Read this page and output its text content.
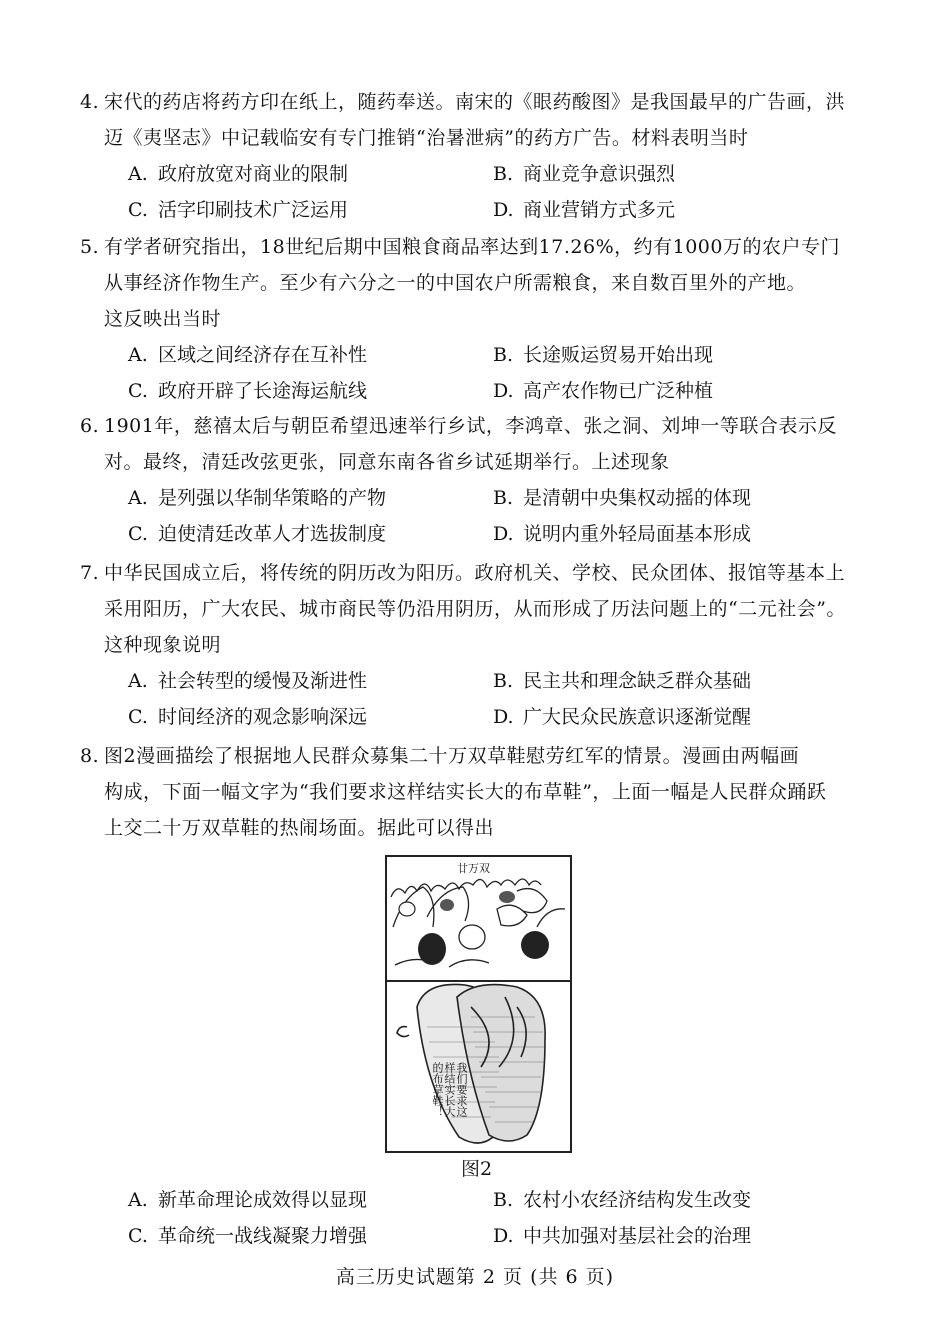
4. 宋代的药店将药方印在纸上，随药奉送。南宋的《眼药酸图》是我国最早的广告画，洪
迈《夷坚志》中记载临安有专门推销“治暑泄病”的药方广告。材料表明当时
A. 政府放宽对商业的限制	B. 商业竞争意识强烈
C. 活字印刷技术广泛运用	D. 商业营销方式多元
5. 有学者研究指出，18世纪后期中国粮食商品率达到17.26%，约有1000万的农户专门
从事经济作物生产。至少有六分之一的中国农户所需粮食，来自数百里外的产地。
这反映出当时
A. 区域之间经济存在互补性	B. 长途贩运贸易开始出现
C. 政府开辟了长途海运航线	D. 高产农作物已广泛种植
6. 1901年，慈禧太后与朝臣希望迅速举行乡试，李鸿章、张之洞、刘坤一等联合表示反
对。最终，清廷改弦更张，同意东南各省乡试延期举行。上述现象
A. 是列强以华制华策略的产物	B. 是清朝中央集权动摇的体现
C. 迫使清廷改革人才选拔制度	D. 说明内重外轻局面基本形成
7. 中华民国成立后，将传统的阴历改为阳历。政府机关、学校、民众团体、报馆等基本上
采用阳历，广大农民、城市商民等仍沿用阴历，从而形成了历法问题上的“二元社会”。
这种现象说明
A. 社会转型的缓慢及渐进性	B. 民主共和理念缺乏群众基础
C. 时间经济的观念影响深远	D. 广大民众民族意识逐渐觉醒
8. 图2漫画描绘了根据地人民群众募集二十万双草鞋慰劳红军的情景。漫画由两幅画
构成，下面一幅文字为“我们要求这样结实长大的布草鞋”，上面一幅是人民群众踊跃
上交二十万双草鞋的热闹场面。据此可以得出
廿万双
我们要求这样结实长大的布草鞋！
图2
A. 新革命理论成效得以显现	B. 农村小农经济结构发生改变
C. 革命统一战线凝聚力增强	D. 中共加强对基层社会的治理
高三历史试题第 2 页 (共 6 页)
